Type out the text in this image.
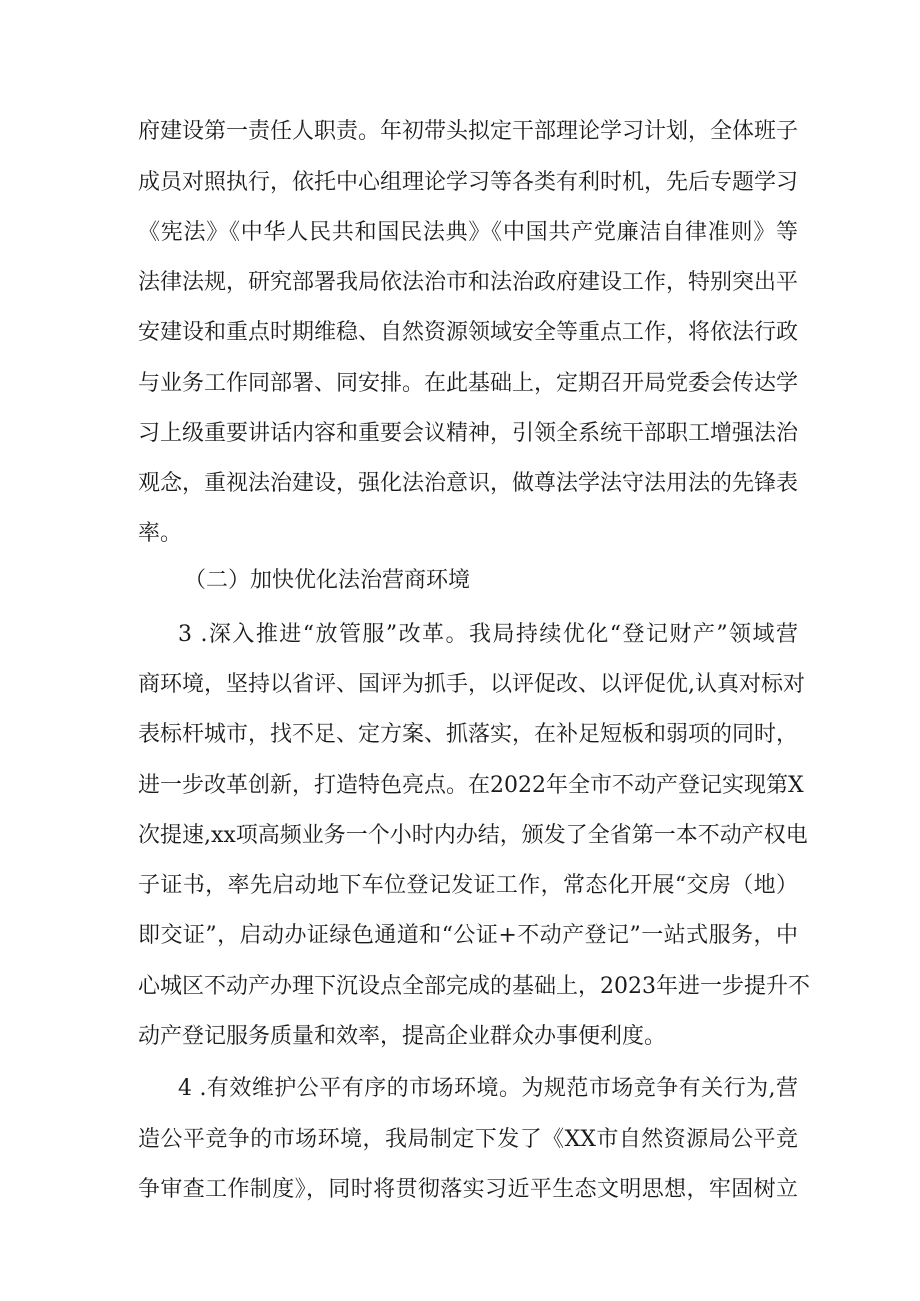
府建设第一责任人职责。年初带头拟定干部理论学习计划，全体班子
成员对照执行，依托中心组理论学习等各类有利时机，先后专题学习
《宪法》《中华人民共和国民法典》《中国共产党廉洁自律准则》等
法律法规，研究部署我局依法治市和法治政府建设工作，特别突出平
安建设和重点时期维稳、自然资源领域安全等重点工作，将依法行政
与业务工作同部署、同安排。在此基础上，定期召开局党委会传达学
习上级重要讲话内容和重要会议精神，引领全系统干部职工增强法治
观念，重视法治建设，强化法治意识，做尊法学法守法用法的先锋表
率。
（二）加快优化法治营商环境
3 .深入推进“放管服”改革。我局持续优化“登记财产”领域营
商环境，坚持以省评、国评为抓手，以评促改、以评促优,认真对标对
表标杆城市，找不足、定方案、抓落实，在补足短板和弱项的同时，
进一步改革创新，打造特色亮点。在2022年全市不动产登记实现第X
次提速,xx项高频业务一个小时内办结，颁发了全省第一本不动产权电
子证书，率先启动地下车位登记发证工作，常态化开展“交房（地）
即交证”，启动办证绿色通道和“公证+不动产登记”一站式服务，中
心城区不动产办理下沉设点全部完成的基础上，2023年进一步提升不
动产登记服务质量和效率，提高企业群众办事便利度。
4 .有效维护公平有序的市场环境。为规范市场竞争有关行为,营
造公平竞争的市场环境，我局制定下发了《XX市自然资源局公平竞
争审查工作制度》，同时将贯彻落实习近平生态文明思想，牢固树立
